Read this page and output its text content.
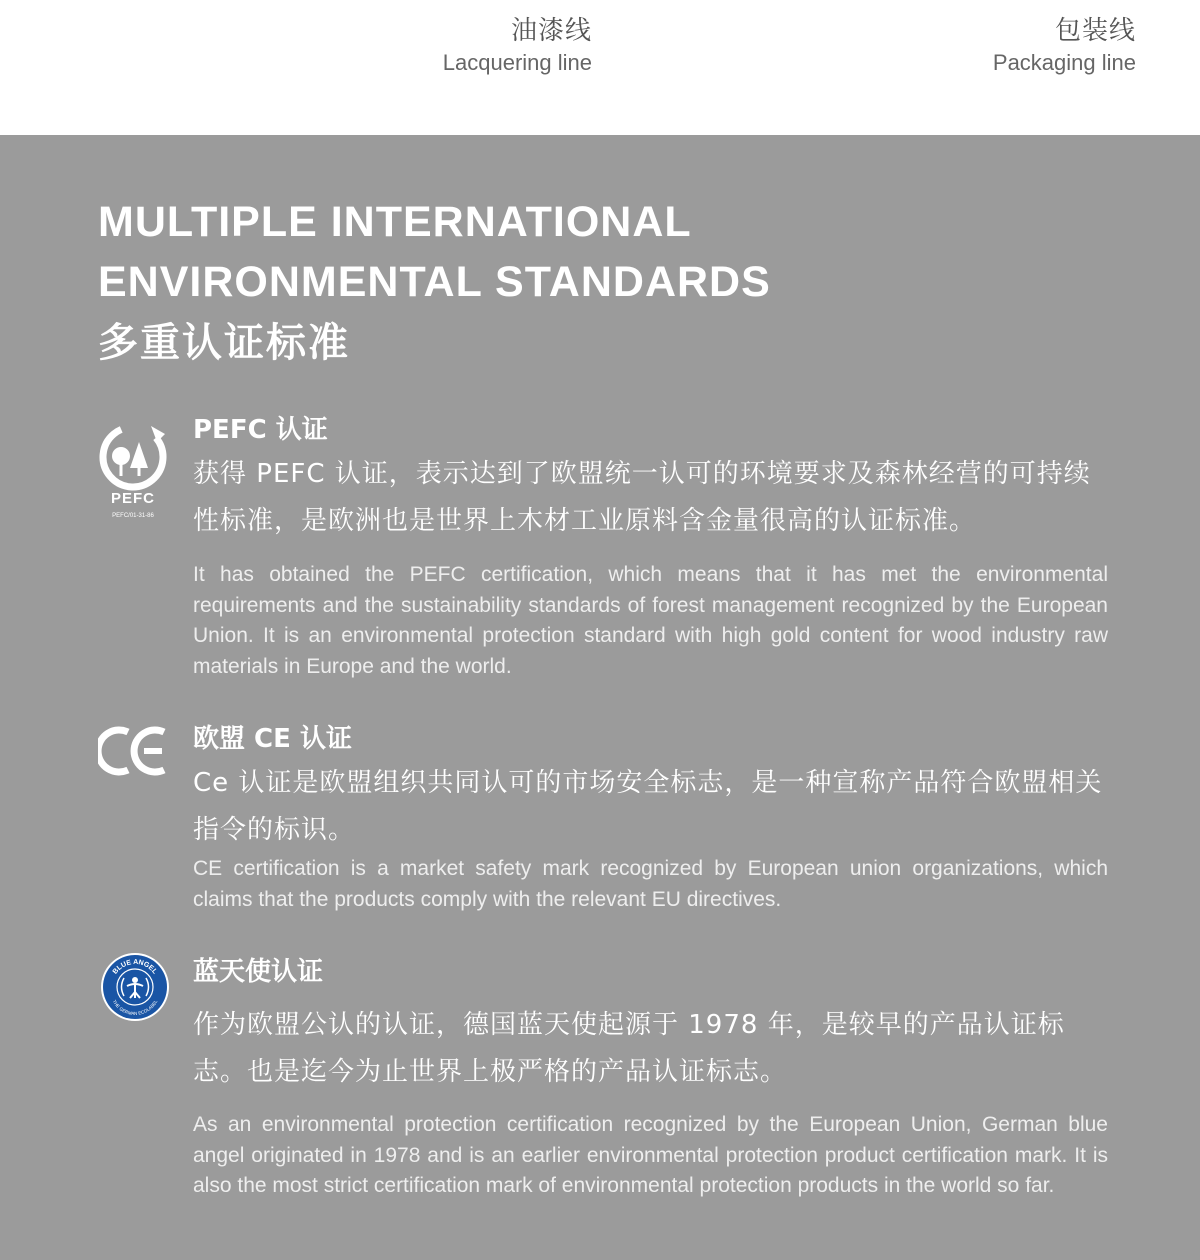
油漆线
Lacquering line
包装线
Packaging line
MULTIPLE INTERNATIONAL
ENVIRONMENTAL STANDARDS
多重认证标准
PEFC
PEFC/01-31-86
PEFC 认证
获得 PEFC 认证，表示达到了欧盟统一认可的环境要求及森林经营的可持续性标准，是欧洲也是世界上木材工业原料含金量很高的认证标准。
It has obtained the PEFC certification, which means that it has met the environmental requirements and the sustainability standards of forest management recognized by the European Union. It is an environmental protection standard with high gold content for wood industry raw materials in Europe and the world.
欧盟 CE 认证
Ce 认证是欧盟组织共同认可的市场安全标志，是一种宣称产品符合欧盟相关指令的标识。
CE certification is a market safety mark recognized by European union organizations, which claims that the products comply with the relevant EU directives.
BLUE ANGEL
THE GERMAN ECOLABEL
蓝天使认证
作为欧盟公认的认证，德国蓝天使起源于 1978 年，是较早的产品认证标志。也是迄今为止世界上极严格的产品认证标志。
As an environmental protection certification recognized by the European Union, German blue angel originated in 1978 and is an earlier environmental protection product certification mark. It is also the most strict certification mark of environmental protection products in the world so far.
